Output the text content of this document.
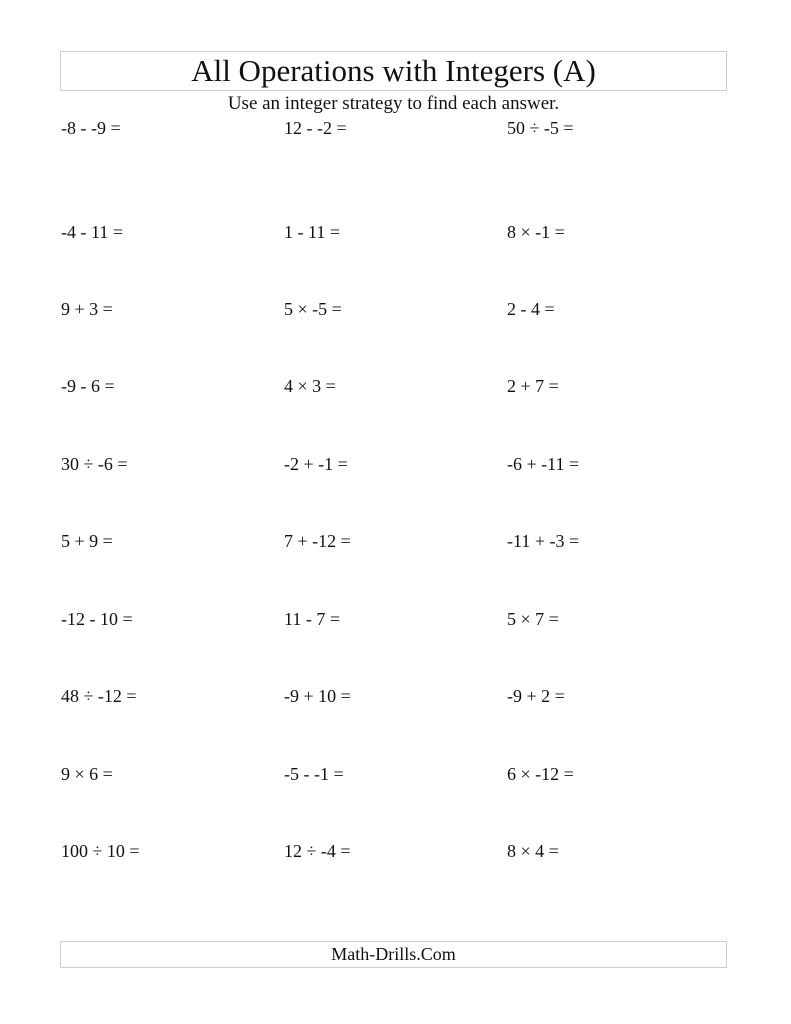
All Operations with Integers (A)
Use an integer strategy to find each answer.
-8 - -9 =	12 - -2 =	50 ÷ -5 =
-4 - 11 =	1 - 11 =	8 × -1 =
9 + 3 =	5 × -5 =	2 - 4 =
-9 - 6 =	4 × 3 =	2 + 7 =
30 ÷ -6 =	-2 + -1 =	-6 + -11 =
5 + 9 =	7 + -12 =	-11 + -3 =
-12 - 10 =	11 - 7 =	5 × 7 =
48 ÷ -12 =	-9 + 10 =	-9 + 2 =
9 × 6 =	-5 - -1 =	6 × -12 =
100 ÷ 10 =	12 ÷ -4 =	8 × 4 =
Math-Drills.Com
